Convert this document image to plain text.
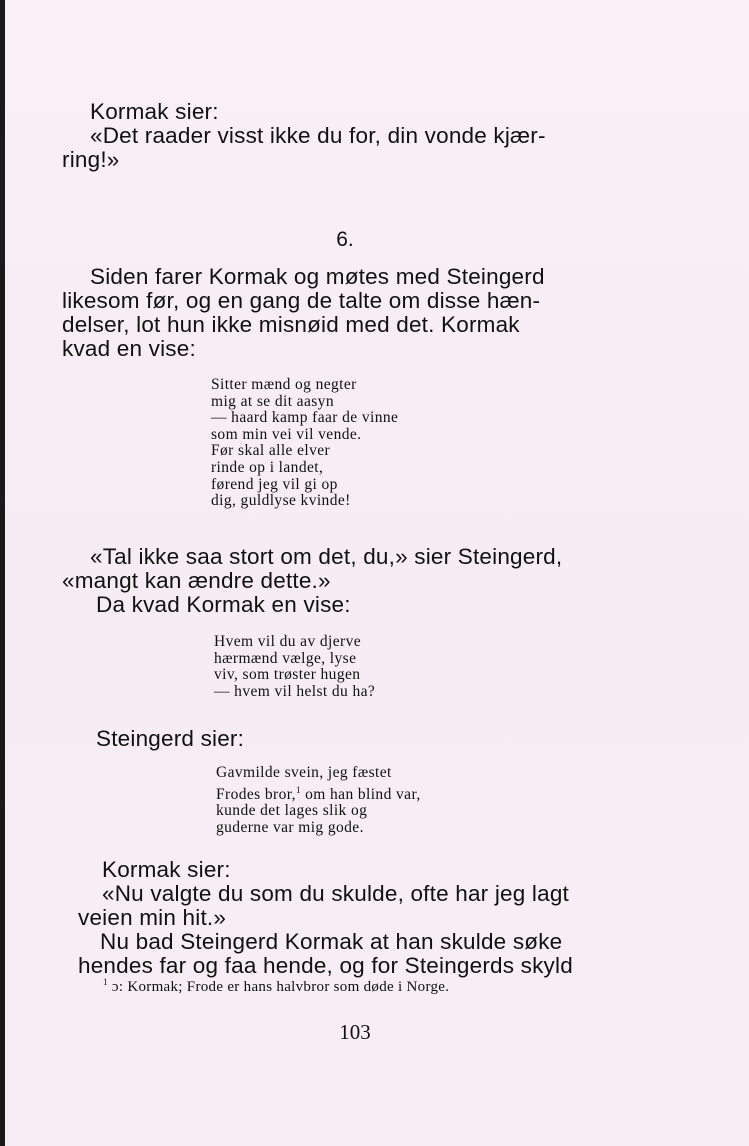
Kormak sier:
«Det raader visst ikke du for, din vonde kjær-
ring!»
6.
Siden farer Kormak og møtes med Steingerd
likesom før, og en gang de talte om disse hæn-
delser, lot hun ikke misnøid med det. Kormak
kvad en vise:
Sitter mænd og negter
mig at se dit aasyn
— haard kamp faar de vinne
som min vei vil vende.
Før skal alle elver
rinde op i landet,
førend jeg vil gi op
dig, guldlyse kvinde!
«Tal ikke saa stort om det, du,» sier Steingerd,
«mangt kan ændre dette.»
Da kvad Kormak en vise:
Hvem vil du av djerve
hærmænd vælge, lyse
viv, som trøster hugen
— hvem vil helst du ha?
Steingerd sier:
Gavmilde svein, jeg fæstet
Frodes bror,$^1$ om han blind var,
kunde det lages slik og
guderne var mig gode.
Kormak sier:
«Nu valgte du som du skulde, ofte har jeg lagt
veien min hit.»
Nu bad Steingerd Kormak at han skulde søke
hendes far og faa hende, og for Steingerds skyld
$^1$ ɔ: Kormak; Frode er hans halvbror som døde i Norge.
103
